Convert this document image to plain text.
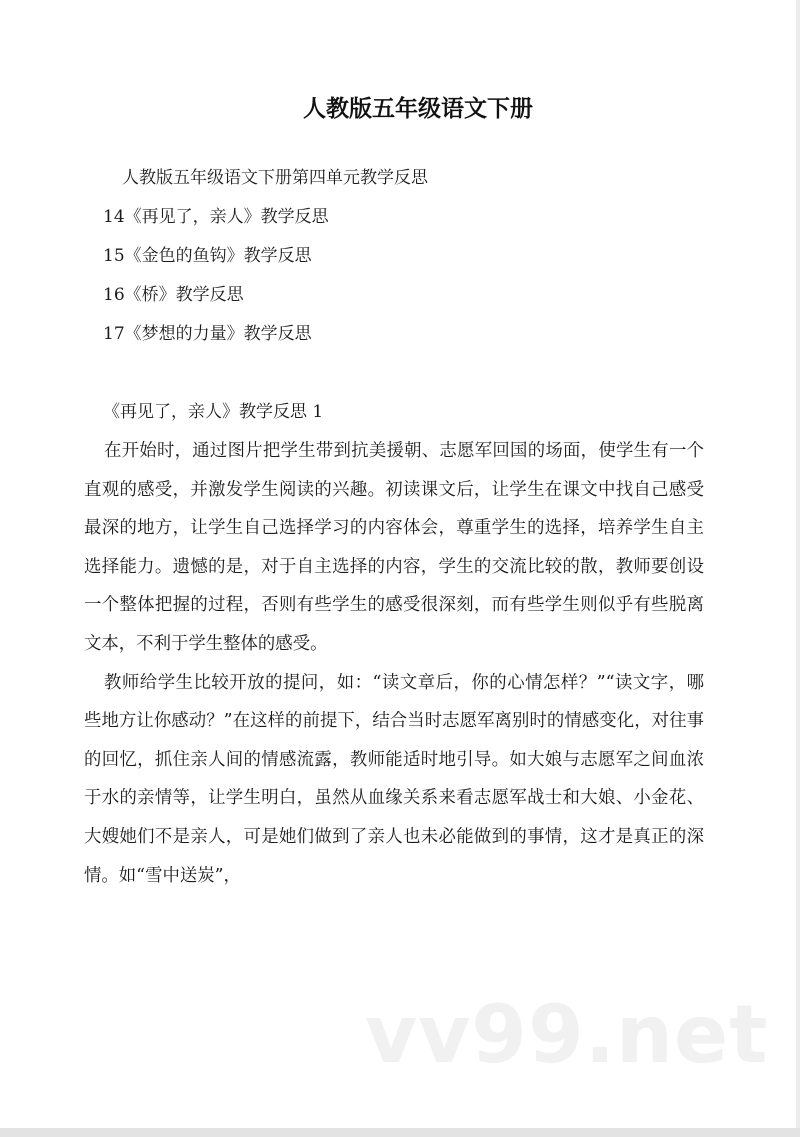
人教版五年级语文下册
人教版五年级语文下册第四单元教学反思
14《再见了，亲人》教学反思
15《金色的鱼钩》教学反思
16《桥》教学反思
17《梦想的力量》教学反思
《再见了，亲人》教学反思 1

在开始时，通过图片把学生带到抗美援朝、志愿军回国的场面，使学生有一个直观的感受，并激发学生阅读的兴趣。初读课文后，让学生在课文中找自己感受最深的地方，让学生自己选择学习的内容体会，尊重学生的选择，培养学生自主选择能力。遗憾的是，对于自主选择的内容，学生的交流比较的散，教师要创设一个整体把握的过程，否则有些学生的感受很深刻，而有些学生则似乎有些脱离文本，不利于学生整体的感受。

教师给学生比较开放的提问，如：“读文章后，你的心情怎样？”“读文字，哪些地方让你感动？”在这样的前提下，结合当时志愿军离别时的情感变化，对往事的回忆，抓住亲人间的情感流露，教师能适时地引导。如大娘与志愿军之间血浓于水的亲情等，让学生明白，虽然从血缘关系来看志愿军战士和大娘、小金花、大嫂她们不是亲人，可是她们做到了亲人也未必能做到的事情，这才是真正的深情。如“雪中送炭”，

vv99.net
